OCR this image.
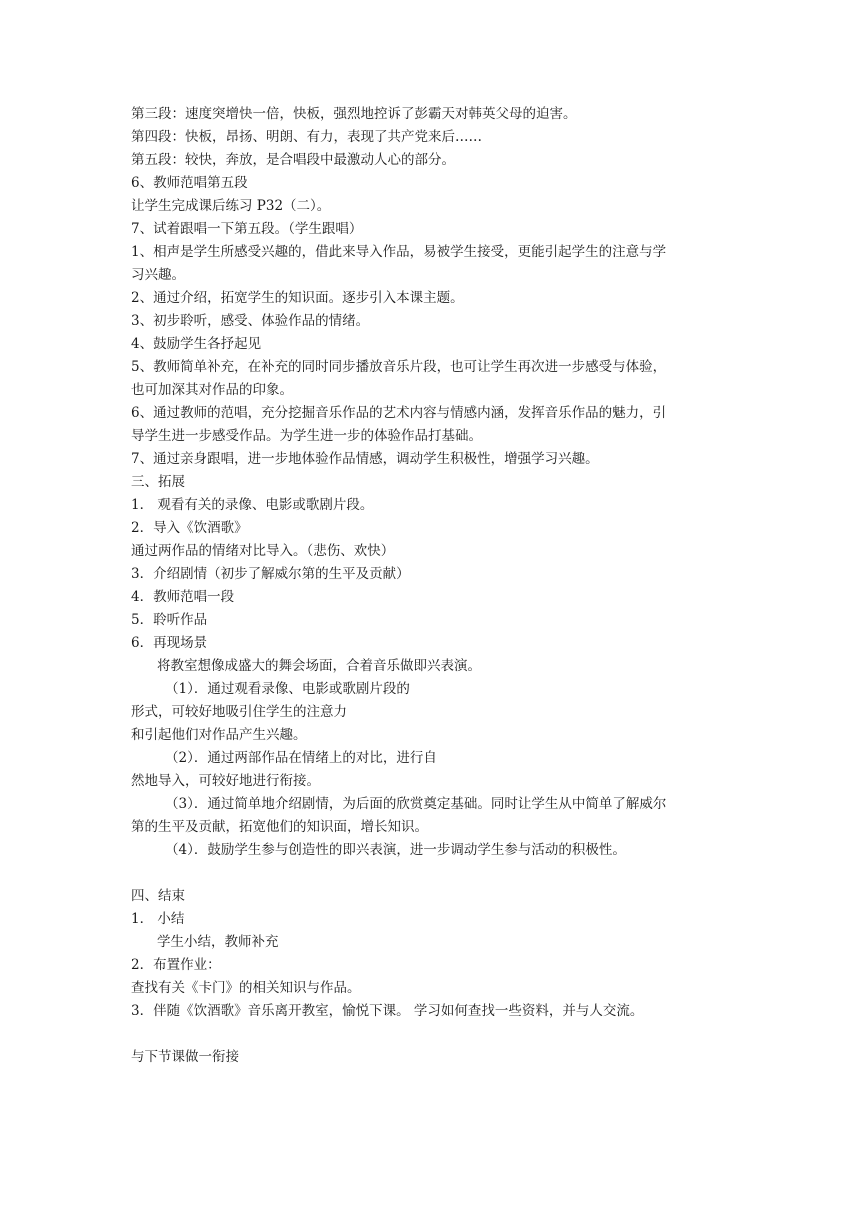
第三段：速度突增快一倍，快板，强烈地控诉了彭霸天对韩英父母的迫害。
第四段：快板，昂扬、明朗、有力，表现了共产党来后……
第五段：较快，奔放，是合唱段中最激动人心的部分。
6、教师范唱第五段
让学生完成课后练习 P32（二）。
7、试着跟唱一下第五段。（学生跟唱）
1、相声是学生所感受兴趣的，借此来导入作品，易被学生接受，更能引起学生的注意与学
习兴趣。
2、通过介绍，拓宽学生的知识面。逐步引入本课主题。
3、初步聆听，感受、体验作品的情绪。
4、鼓励学生各抒起见
5、教师简单补充，在补充的同时同步播放音乐片段，也可让学生再次进一步感受与体验，
也可加深其对作品的印象。
6、通过教师的范唱，充分挖掘音乐作品的艺术内容与情感内涵，发挥音乐作品的魅力，引
导学生进一步感受作品。为学生进一步的体验作品打基础。
7、通过亲身跟唱，进一步地体验作品情感，调动学生积极性，增强学习兴趣。
三、拓展
1． 观看有关的录像、电影或歌剧片段。
2．导入《饮酒歌》
通过两作品的情绪对比导入。（悲伤、欢快）
3．介绍剧情（初步了解威尔第的生平及贡献）
4．教师范唱一段
5．聆听作品
6．再现场景
将教室想像成盛大的舞会场面，合着音乐做即兴表演。
（1）．通过观看录像、电影或歌剧片段的
形式，可较好地吸引住学生的注意力
和引起他们对作品产生兴趣。
（2）．通过两部作品在情绪上的对比，进行自
然地导入，可较好地进行衔接。
（3）．通过简单地介绍剧情，为后面的欣赏奠定基础。同时让学生从中简单了解威尔
第的生平及贡献，拓宽他们的知识面，增长知识。
（4）．鼓励学生参与创造性的即兴表演，进一步调动学生参与活动的积极性。
四、结束
1． 小结
学生小结，教师补充
2．布置作业：
查找有关《卡门》的相关知识与作品。
3．伴随《饮酒歌》音乐离开教室，愉悦下课。 学习如何查找一些资料，并与人交流。
与下节课做一衔接
